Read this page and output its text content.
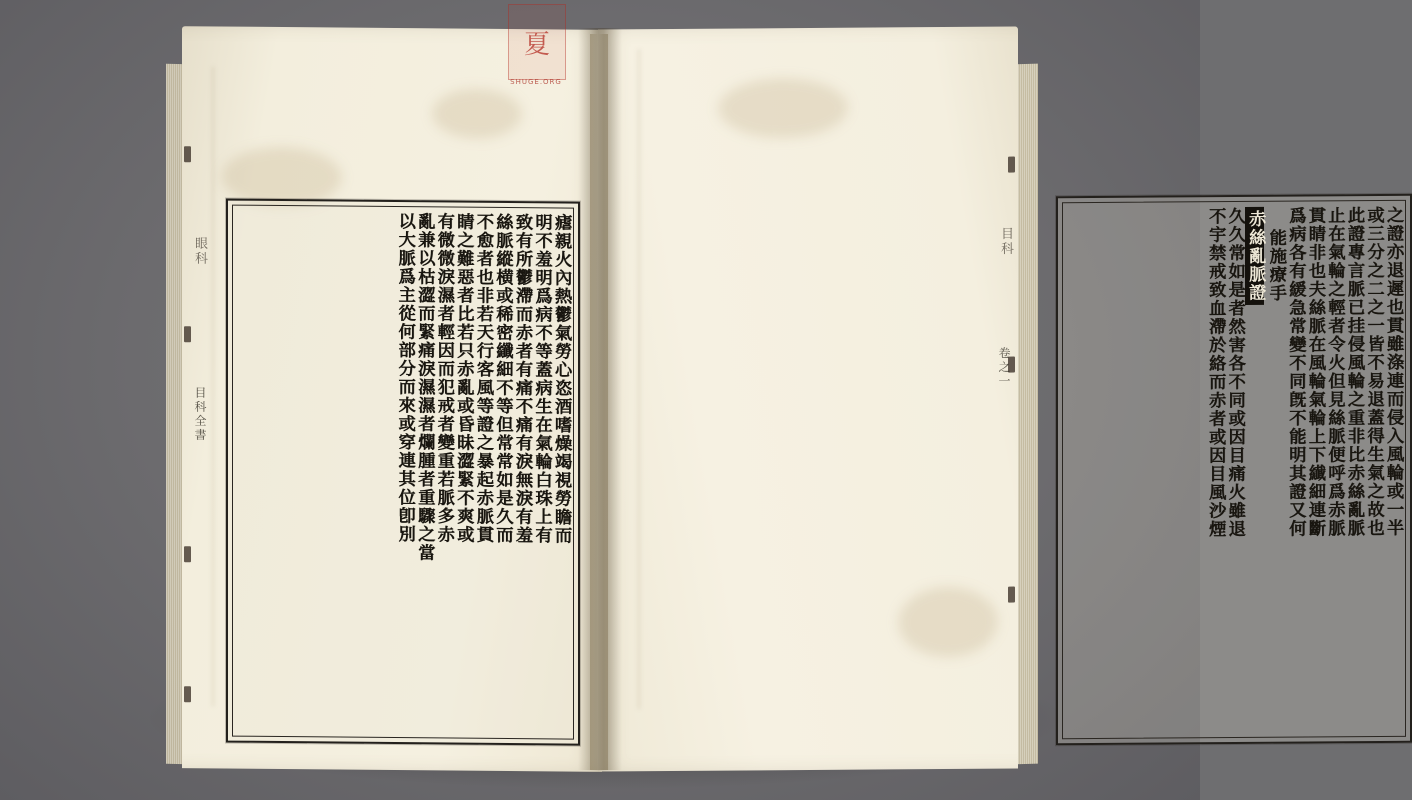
眼科
目科全書	瘧親火內熱鬱氣勞心恣酒嗜燥竭視勞瞻而
明不羞明爲病不等蓋病生在氣輪白珠上有
致有所鬱滯而赤者有痛不痛有淚無淚有羞
絲脈縱横或稀密纖細不等但常常如是久而
不愈者也非若天行客風等證之暴起赤脈貫
睛之難惡者比若只赤亂或昏昧澀緊不爽或
有微微淚濕者輕因而犯戒者變重若脈多赤
亂兼以枯澀而緊痛淚濕濕者爛腫者重驟之當
以大脈爲主從何部分而來或穿連其位卽別	目科
卷之一	之證亦退遲也貫雖涤連而侵入風輪或一半
或三分之二之一皆不易退蓋得生氣之故也
此證專言脈已挂侵風輪之重非比赤絲亂脈
止在氣輪之輕者令火但見絲脈便呼爲赤脈
貫睛非也夫絲脈在風輪氣輪上下纎細連斷
爲病各有緩急常變不同旣不能明其證又何
能施療手
赤絲亂脈證
久久常如是者然害各不同或因目痛火雖退
不宇禁戒致血滯於絡而赤者或因目風沙煙
夏
SHUGE.ORG
